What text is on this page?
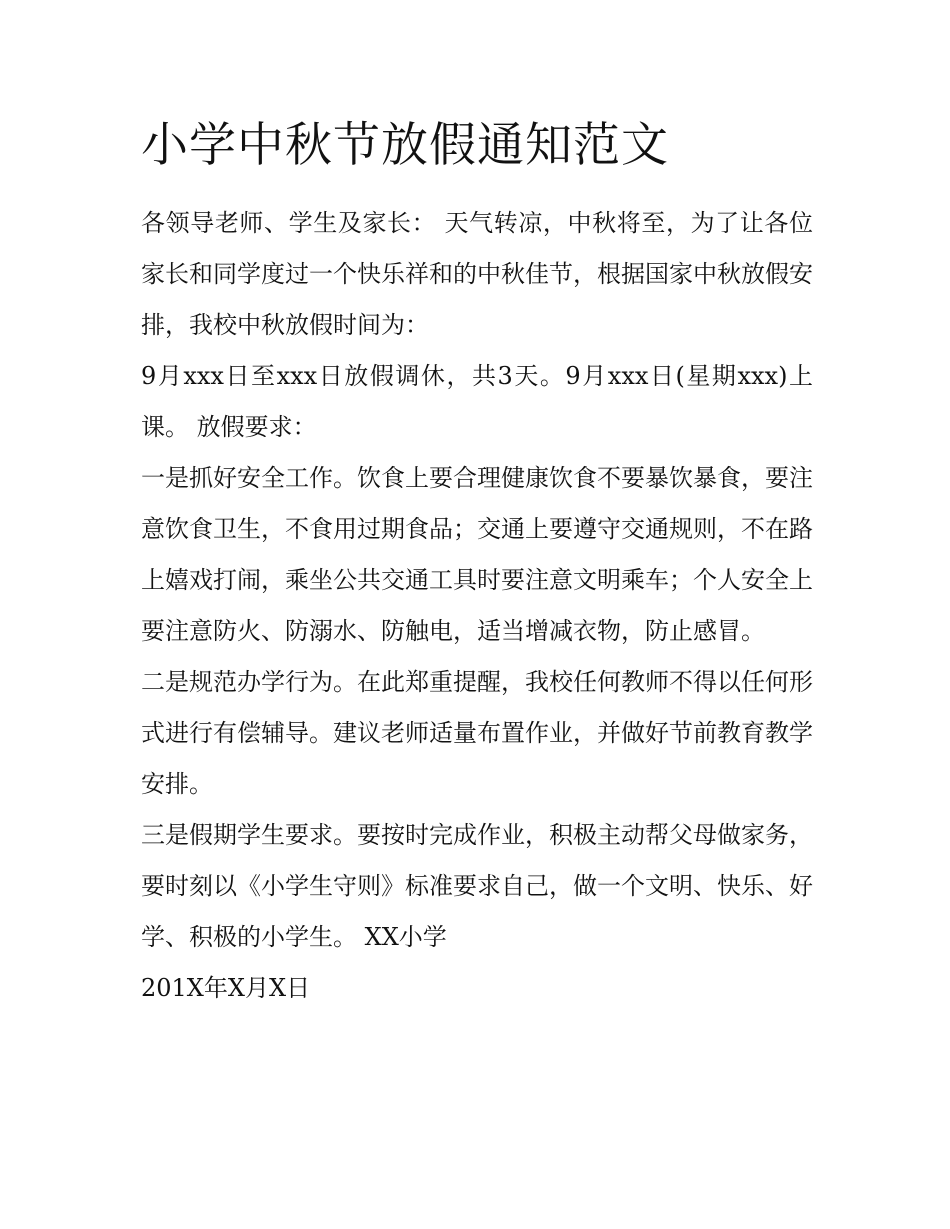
小学中秋节放假通知范文

各领导老师、学生及家长： 天气转凉，中秋将至，为了让各位家长和同学度过一个快乐祥和的中秋佳节，根据国家中秋放假安排，我校中秋放假时间为：

9月xxx日至xxx日放假调休，共3天。9月xxx日(星期xxx)上课。 放假要求：

一是抓好安全工作。饮食上要合理健康饮食不要暴饮暴食，要注意饮食卫生，不食用过期食品；交通上要遵守交通规则，不在路上嬉戏打闹，乘坐公共交通工具时要注意文明乘车；个人安全上要注意防火、防溺水、防触电，适当增减衣物，防止感冒。

二是规范办学行为。在此郑重提醒，我校任何教师不得以任何形式进行有偿辅导。建议老师适量布置作业，并做好节前教育教学安排。

三是假期学生要求。要按时完成作业，积极主动帮父母做家务，要时刻以《小学生守则》标准要求自己，做一个文明、快乐、好学、积极的小学生。 XX小学

201X年X月X日
